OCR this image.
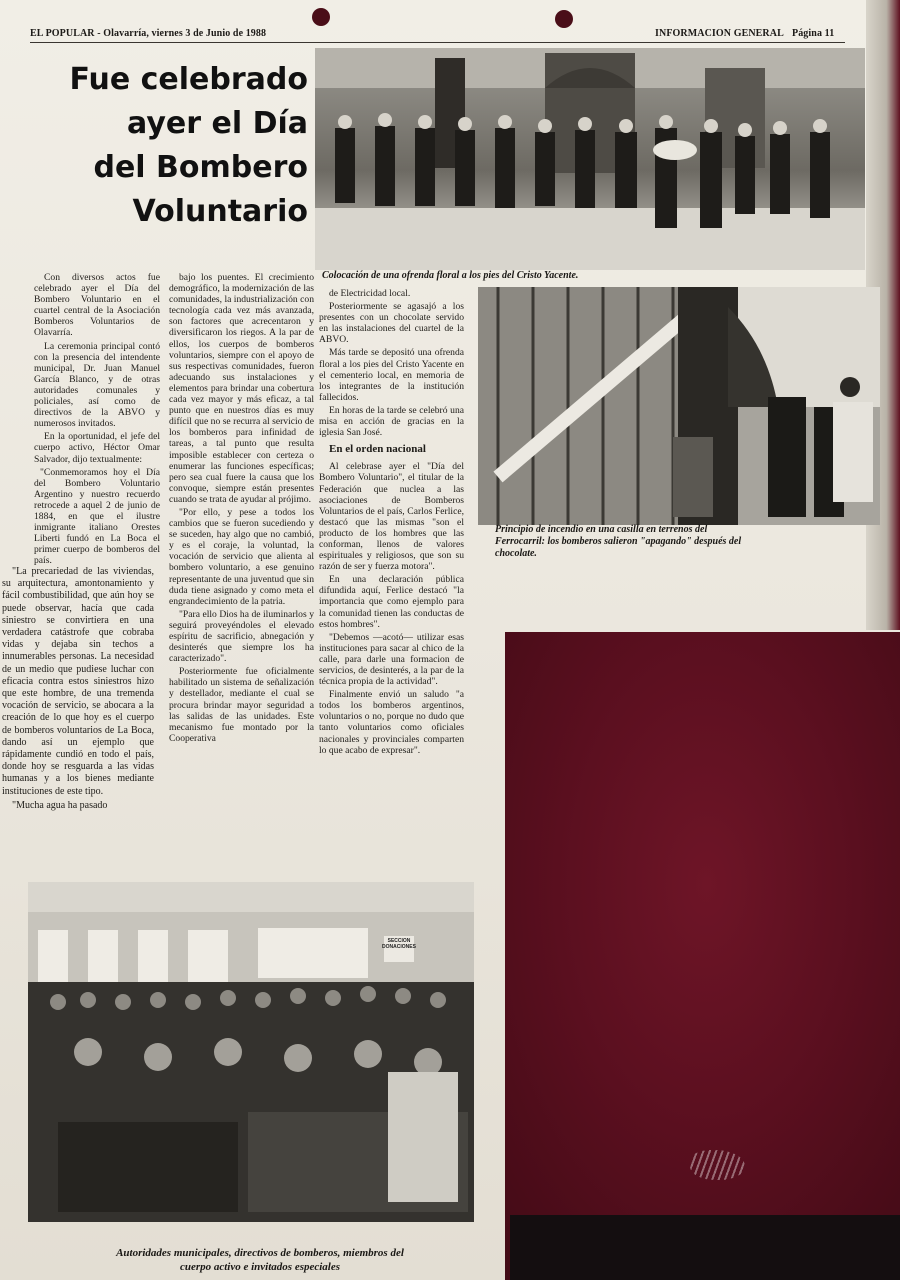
EL POPULAR - Olavarría, viernes 3 de Junio de 1988	INFORMACION GENERAL Página 11
Fue celebrado
ayer el Día
del Bombero
Voluntario
Colocación de una ofrenda floral a los pies del Cristo Yacente.
Principio de incendio en una casilla en terrenos del Ferrocarril: los bomberos salieron "apagando" después del chocolate.
SECCION DONACIONES
Autoridades municipales, directivos de bomberos, miembros del cuerpo activo e invitados especiales

Con diversos actos fue celebrado ayer el Día del Bombero Voluntario en el cuartel central de la Asociación Bomberos Voluntarios de Olavarría.

La ceremonia principal contó con la presencia del intendente municipal, Dr. Juan Manuel García Blanco, y de otras autoridades comunales y policiales, así como de directivos de la ABVO y numerosos invitados.

En la oportunidad, el jefe del cuerpo activo, Héctor Omar Salvador, dijo textualmente:

"Conmemoramos hoy el Día del Bombero Voluntario Argentino y nuestro recuerdo retrocede a aquel 2 de junio de 1884, en que el ilustre inmigrante italiano Orestes Liberti fundó en La Boca el primer cuerpo de bomberos del país.

"La precariedad de las viviendas, su arquitectura, amontonamiento y fácil combustibilidad, que aún hoy se puede observar, hacía que cada siniestro se convirtiera en una verdadera catástrofe que cobraba vidas y dejaba sin techos a innumerables personas. La necesidad de un medio que pudiese luchar con eficacia contra estos siniestros hizo que este hombre, de una tremenda vocación de servicio, se abocara a la creación de lo que hoy es el cuerpo de bomberos voluntarios de La Boca, dando así un ejemplo que rápidamente cundió en todo el país, donde hoy se resguarda a las vidas humanas y a los bienes mediante instituciones de este tipo.

"Mucha agua ha pasado

bajo los puentes. El crecimiento demográfico, la modernización de las comunidades, la industrialización con tecnología cada vez más avanzada, son factores que acrecentaron y diversificaron los riegos. A la par de ellos, los cuerpos de bomberos voluntarios, siempre con el apoyo de sus respectivas comunidades, fueron adecuando sus instalaciones y elementos para brindar una cobertura cada vez mayor y más eficaz, a tal punto que en nuestros días es muy difícil que no se recurra al servicio de los bomberos para infinidad de tareas, a tal punto que resulta imposible establecer con certeza o enumerar las funciones específicas; pero sea cual fuere la causa que los convoque, siempre están presentes cuando se trata de ayudar al prójimo.

"Por ello, y pese a todos los cambios que se fueron sucediendo y se suceden, hay algo que no cambió, y es el coraje, la voluntad, la vocación de servicio que alienta al bombero voluntario, a ese genuino representante de una juventud que sin duda tiene asignado y como meta el engrandecimiento de la patria.

"Para ello Dios ha de iluminarlos y seguirá proveyéndoles el elevado espíritu de sacrificio, abnegación y desinterés que siempre los ha caracterizado".

Posteriormente fue oficialmente habilitado un sistema de señalización y destellador, mediante el cual se procura brindar mayor seguridad a las salidas de las unidades. Este mecanismo fue montado por la Cooperativa

de Electricidad local.

Posteriormente se agasajó a los presentes con un chocolate servido en las instalaciones del cuartel de la ABVO.

Más tarde se depositó una ofrenda floral a los pies del Cristo Yacente en el cementerio local, en memoria de los integrantes de la institución fallecidos.

En horas de la tarde se celebró una misa en acción de gracias en la iglesia San José.

En el orden nacional

Al celebrase ayer el "Día del Bombero Voluntario", el titular de la Federación que nuclea a las asociaciones de Bomberos Voluntarios de el país, Carlos Ferlice, destacó que las mismas "son el producto de los hombres que las conforman, llenos de valores espirituales y religiosos, que son su razón de ser y fuerza motora".

En una declaración pública difundida aquí, Ferlice destacó "la importancia que como ejemplo para la comunidad tienen las conductas de estos hombres".

"Debemos —acotó— utilizar esas instituciones para sacar al chico de la calle, para darle una formacion de servicios, de desinterés, a la par de la técnica propia de la actividad".

Finalmente envió un saludo "a todos los bomberos argentinos, voluntarios o no, porque no dudo que tanto voluntarios como oficiales nacionales y provinciales comparten lo que acabo de expresar".
